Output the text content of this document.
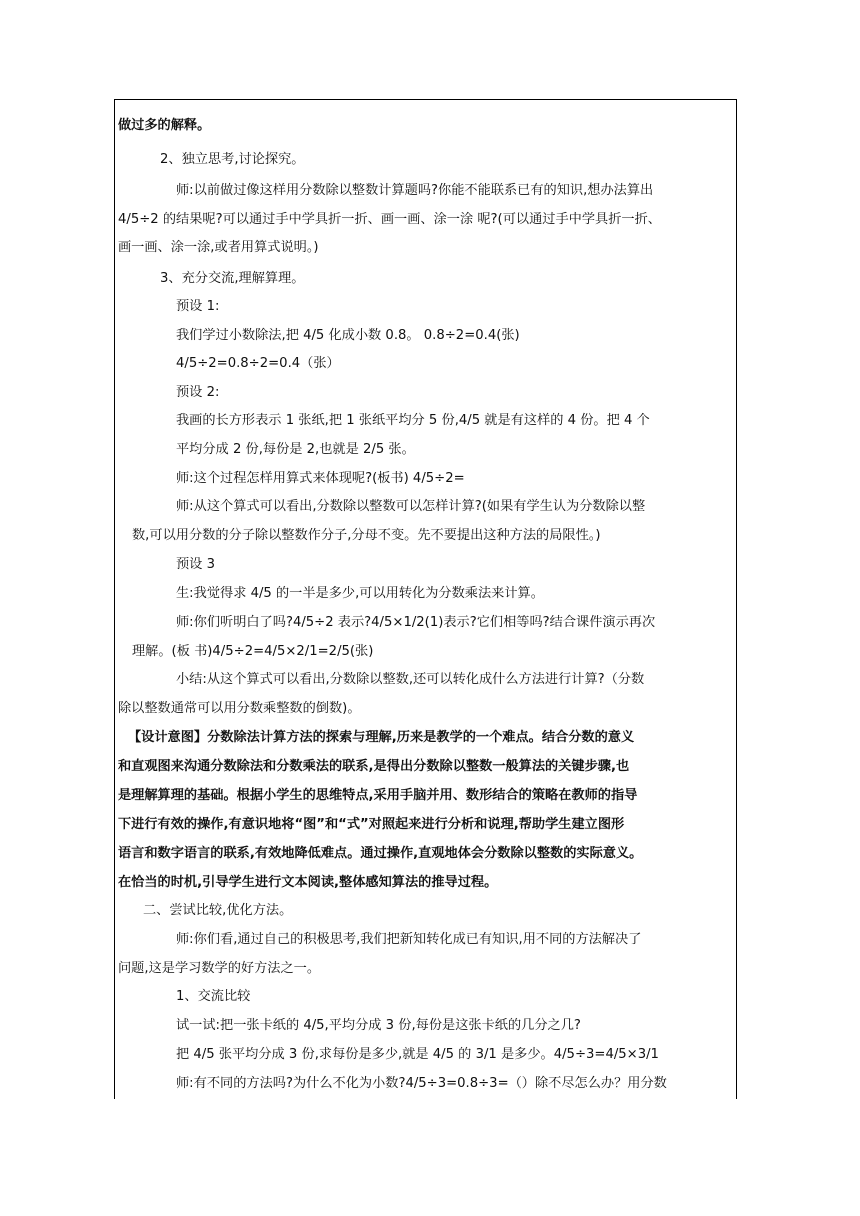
做过多的解释。
2、独立思考,讨论探究。
师:以前做过像这样用分数除以整数计算题吗?你能不能联系已有的知识,想办法算出
4/5÷2 的结果呢?可以通过手中学具折一折、画一画、涂一涂 呢?(可以通过手中学具折一折、
画一画、涂一涂,或者用算式说明。)
3、充分交流,理解算理。
预设 1:
我们学过小数除法,把 4/5 化成小数 0.8。 0.8÷2=0.4(张)
4/5÷2=0.8÷2=0.4（张）
预设 2:
我画的长方形表示 1 张纸,把 1 张纸平均分 5 份,4/5 就是有这样的 4 份。把 4 个
平均分成 2 份,每份是 2,也就是 2/5 张。
师:这个过程怎样用算式来体现呢?(板书) 4/5÷2=
师:从这个算式可以看出,分数除以整数可以怎样计算?(如果有学生认为分数除以整
数,可以用分数的分子除以整数作分子,分母不变。先不要提出这种方法的局限性。)
预设 3
生:我觉得求 4/5 的一半是多少,可以用转化为分数乘法来计算。
师:你们听明白了吗?4/5÷2 表示?4/5×1/2(1)表示?它们相等吗?结合课件演示再次
理解。(板 书)4/5÷2=4/5×2/1=2/5(张)
小结:从这个算式可以看出,分数除以整数,还可以转化成什么方法进行计算?（分数
除以整数通常可以用分数乘整数的倒数)。
【设计意图】分数除法计算方法的探索与理解,历来是教学的一个难点。结合分数的意义
和直观图来沟通分数除法和分数乘法的联系,是得出分数除以整数一般算法的关键步骤,也
是理解算理的基础。根据小学生的思维特点,采用手脑并用、数形结合的策略在教师的指导
下进行有效的操作,有意识地将“图”和“式”对照起来进行分析和说理,帮助学生建立图形
语言和数字语言的联系,有效地降低难点。通过操作,直观地体会分数除以整数的实际意义。
在恰当的时机,引导学生进行文本阅读,整体感知算法的推导过程。
二、尝试比较,优化方法。
师:你们看,通过自己的积极思考,我们把新知转化成已有知识,用不同的方法解决了
问题,这是学习数学的好方法之一。
1、交流比较
试一试:把一张卡纸的 4/5,平均分成 3 份,每份是这张卡纸的几分之几?
把 4/5 张平均分成 3 份,求每份是多少,就是 4/5 的 3/1 是多少。4/5÷3=4/5×3/1
师:有不同的方法吗?为什么不化为小数?4/5÷3=0.8÷3=（）除不尽怎么办？用分数
